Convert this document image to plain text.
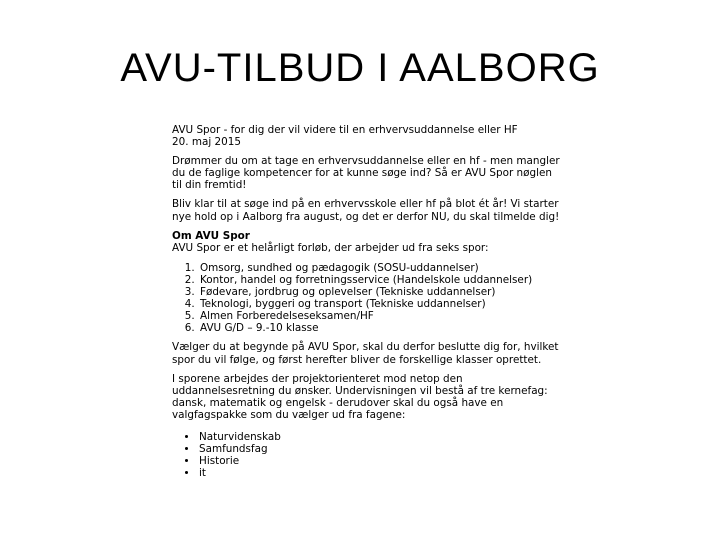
AVU-TILBUD I AALBORG

AVU Spor - for dig der vil videre til en erhvervsuddannelse eller HF

20. maj 2015

Drømmer du om at tage en erhvervsuddannelse eller en hf - men mangler du de faglige kompetencer for at kunne søge ind? Så er AVU Spor nøglen til din fremtid!

Bliv klar til at søge ind på en erhvervsskole eller hf på blot ét år! Vi starter nye hold op i Aalborg fra august, og det er derfor NU, du skal tilmelde dig!

Om AVU Spor

AVU Spor er et helårligt forløb, der arbejder ud fra seks spor:

1. Omsorg, sundhed og pædagogik (SOSU-uddannelser)
2. Kontor, handel og forretningsservice (Handelskole uddannelser)
3. Fødevare, jordbrug og oplevelser (Tekniske uddannelser)
4. Teknologi, byggeri og transport (Tekniske uddannelser)
5. Almen Forberedelseseksamen/HF
6. AVU G/D – 9.-10 klasse

Vælger du at begynde på AVU Spor, skal du derfor beslutte dig for, hvilket spor du vil følge, og først herefter bliver de forskellige klasser oprettet.

I sporene arbejdes der projektorienteret mod netop den uddannelsesretning du ønsker. Undervisningen vil bestå af tre kernefag: dansk, matematik og engelsk - derudover skal du også have en valgfagspakke som du vælger ud fra fagene:

• Naturvidenskab
• Samfundsfag
• Historie
• it
